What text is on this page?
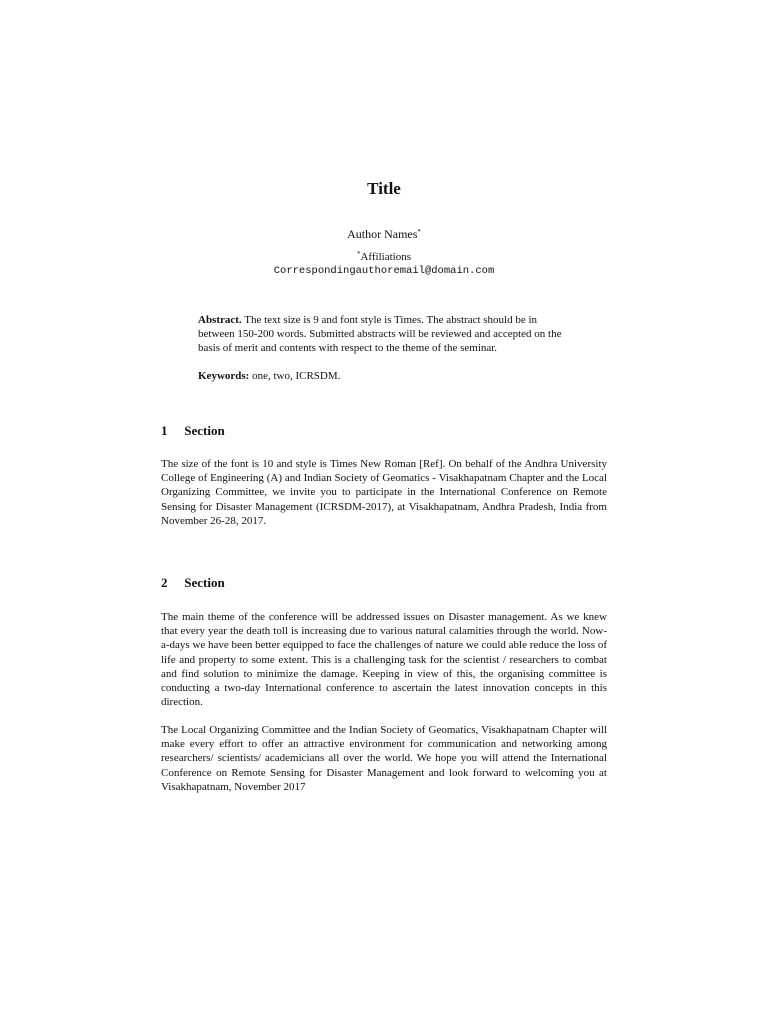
Title
Author Names*
*Affiliations
Correspondingauthoremail@domain.com

Abstract. The text size is 9 and font style is Times. The abstract should be in between 150-200 words. Submitted abstracts will be reviewed and accepted on the basis of merit and contents with respect to the theme of the seminar.

Keywords: one, two, ICRSDM.

1 Section

The size of the font is 10 and style is Times New Roman [Ref]. On behalf of the Andhra University College of Engineering (A) and Indian Society of Geomatics - Visakhapatnam Chapter and the Local Organizing Committee, we invite you to participate in the International Conference on Remote Sensing for Disaster Management (ICRSDM-2017), at Visakhapatnam, Andhra Pradesh, India from November 26-28, 2017.

2 Section

The main theme of the conference will be addressed issues on Disaster management. As we knew that every year the death toll is increasing due to various natural calamities through the world. Now-a-days we have been better equipped to face the challenges of nature we could able reduce the loss of life and property to some extent. This is a challenging task for the scientist / researchers to combat and find solution to minimize the damage. Keeping in view of this, the organising committee is conducting a two-day International conference to ascertain the latest innovation concepts in this direction.

The Local Organizing Committee and the Indian Society of Geomatics, Visakhapatnam Chapter will make every effort to offer an attractive environment for communication and networking among researchers/ scientists/ academicians all over the world. We hope you will attend the International Conference on Remote Sensing for Disaster Management and look forward to welcoming you at Visakhapatnam, November 2017
